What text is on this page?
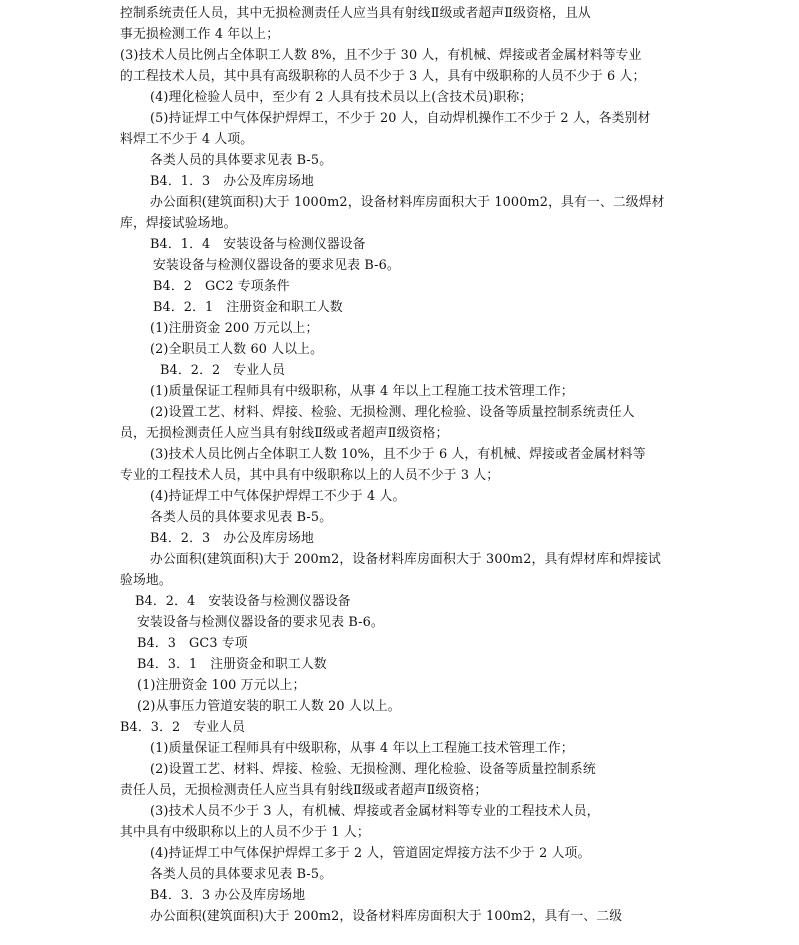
控制系统责任人员，其中无损检测责任人应当具有射线Ⅱ级或者超声Ⅱ级资格，且从
事无损检测工作 4 年以上；
(3)技术人员比例占全体职工人数 8%，且不少于 30 人，有机械、焊接或者金属材料等专业
的工程技术人员，其中具有高级职称的人员不少于 3 人，具有中级职称的人员不少于 6 人；
(4)理化检验人员中，至少有 2 人具有技术员以上(含技术员)职称；
(5)持证焊工中气体保护焊焊工，不少于 20 人，自动焊机操作工不少于 2 人，各类别材
料焊工不少于 4 人项。
各类人员的具体要求见表 B-5。
B4．1．3　办公及库房场地
办公面积(建筑面积)大于 1000m2，设备材料库房面积大于 1000m2，具有一、二级焊材
库，焊接试验场地。
B4．1．4　安装设备与检测仪器设备
安装设备与检测仪器设备的要求见表 B-6。
B4．2　GC2 专项条件
B4．2．1　注册资金和职工人数
(1)注册资金 200 万元以上；
(2)全职员工人数 60 人以上。
B4．2．2　专业人员
(1)质量保证工程师具有中级职称，从事 4 年以上工程施工技术管理工作；
(2)设置工艺、材料、焊接、检验、无损检测、理化检验、设备等质量控制系统责任人
员，无损检测责任人应当具有射线Ⅱ级或者超声Ⅱ级资格；
(3)技术人员比例占全体职工人数 10%，且不少于 6 人，有机械、焊接或者金属材料等
专业的工程技术人员，其中具有中级职称以上的人员不少于 3 人；
(4)持证焊工中气体保护焊焊工不少于 4 人。
各类人员的具体要求见表 B-5。
B4．2．3　办公及库房场地
办公面积(建筑面积)大于 200m2，设备材料库房面积大于 300m2，具有焊材库和焊接试
验场地。
B4．2．4　安装设备与检测仪器设备
安装设备与检测仪器设备的要求见表 B-6。
B4．3　GC3 专项
B4．3．1　注册资金和职工人数
(1)注册资金 100 万元以上；
(2)从事压力管道安装的职工人数 20 人以上。
B4．3．2　专业人员
(1)质量保证工程师具有中级职称，从事 4 年以上工程施工技术管理工作；
(2)设置工艺、材料、焊接、检验、无损检测、理化检验、设备等质量控制系统
责任人员，无损检测责任人应当具有射线Ⅱ级或者超声Ⅱ级资格；
(3)技术人员不少于 3 人，有机械、焊接或者金属材料等专业的工程技术人员，
其中具有中级职称以上的人员不少于 1 人；
(4)持证焊工中气体保护焊焊工多于 2 人，管道固定焊接方法不少于 2 人项。
各类人员的具体要求见表 B-5。
B4．3．3 办公及库房场地
办公面积(建筑面积)大于 200m2，设备材料库房面积大于 100m2，具有一、二级
